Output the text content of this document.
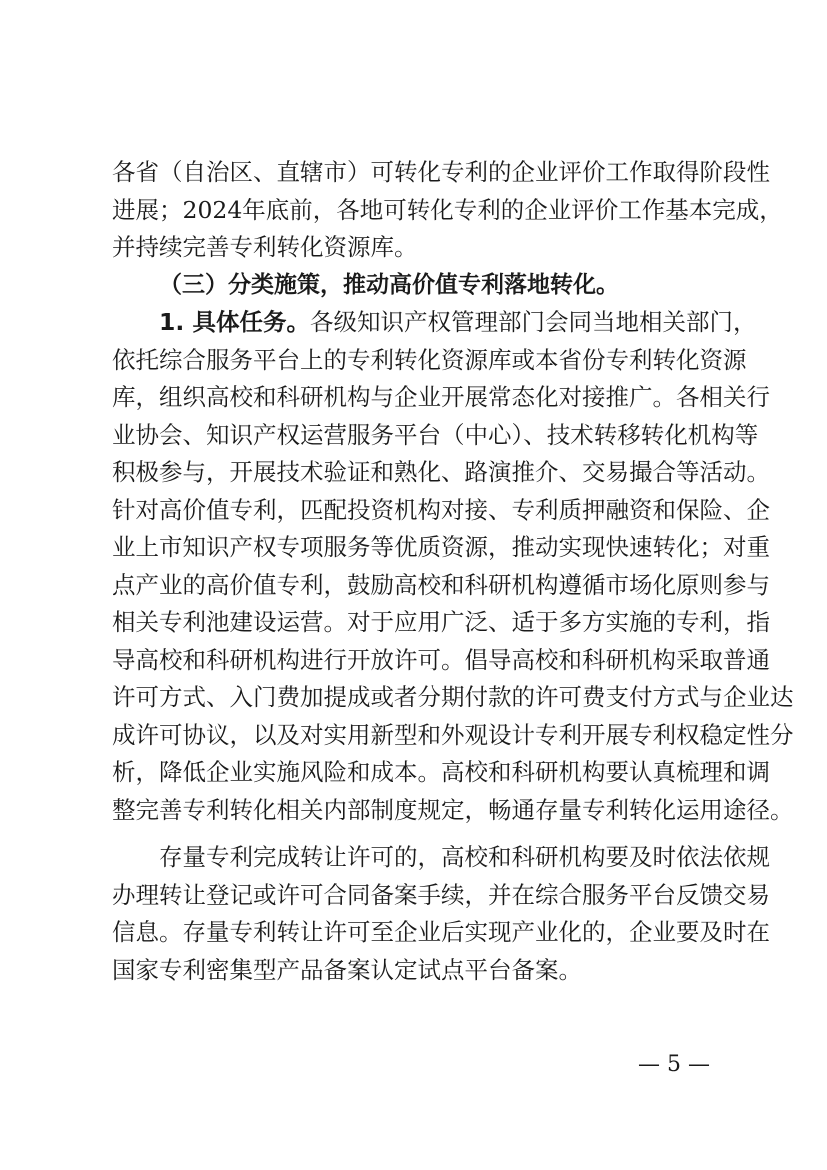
各省（自治区、直辖市）可转化专利的企业评价工作取得阶段性
进展；2024年底前，各地可转化专利的企业评价工作基本完成，
并持续完善专利转化资源库。
（三）分类施策，推动高价值专利落地转化。
1. 具体任务。各级知识产权管理部门会同当地相关部门，
依托综合服务平台上的专利转化资源库或本省份专利转化资源
库，组织高校和科研机构与企业开展常态化对接推广。各相关行
业协会、知识产权运营服务平台（中心）、技术转移转化机构等
积极参与，开展技术验证和熟化、路演推介、交易撮合等活动。
针对高价值专利，匹配投资机构对接、专利质押融资和保险、企
业上市知识产权专项服务等优质资源，推动实现快速转化；对重
点产业的高价值专利，鼓励高校和科研机构遵循市场化原则参与
相关专利池建设运营。对于应用广泛、适于多方实施的专利，指
导高校和科研机构进行开放许可。倡导高校和科研机构采取普通
许可方式、入门费加提成或者分期付款的许可费支付方式与企业达
成许可协议，以及对实用新型和外观设计专利开展专利权稳定性分
析，降低企业实施风险和成本。高校和科研机构要认真梳理和调
整完善专利转化相关内部制度规定，畅通存量专利转化运用途径。
存量专利完成转让许可的，高校和科研机构要及时依法依规
办理转让登记或许可合同备案手续，并在综合服务平台反馈交易
信息。存量专利转让许可至企业后实现产业化的，企业要及时在
国家专利密集型产品备案认定试点平台备案。
— 5 —
